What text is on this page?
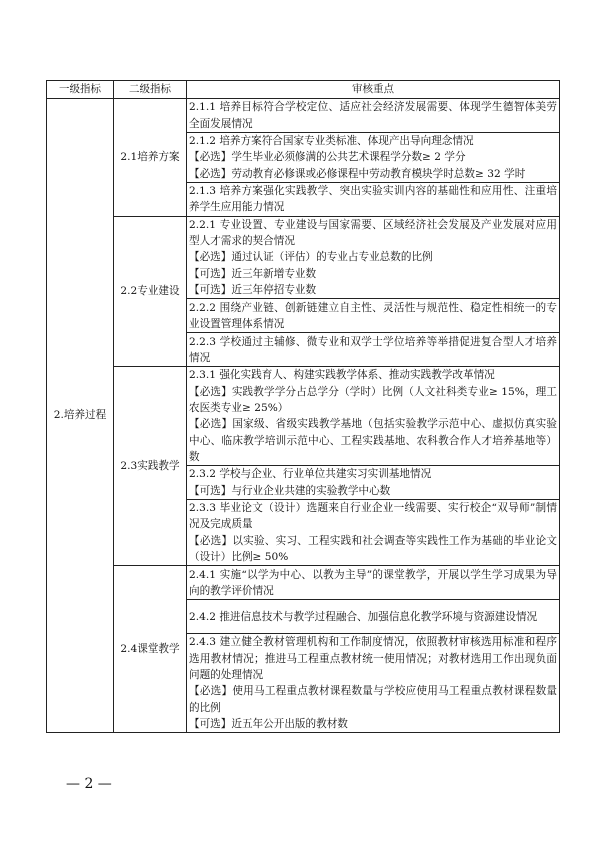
一级指标	二级指标	审核重点
2.培养过程	2.1培养方案	2.1.1 培养目标符合学校定位、适应社会经济发展需要、体现学生德智体美劳全面发展情况

		2.1.2 培养方案符合国家专业类标准、体现产出导向理念情况
【必选】学生毕业必须修满的公共艺术课程学分数≥ 2 学分
【必选】劳动教育必修课或必修课程中劳动教育模块学时总数≥ 32 学时

		2.1.3 培养方案强化实践教学、突出实验实训内容的基础性和应用性、注重培养学生应用能力情况

	2.2专业建设	2.2.1 专业设置、专业建设与国家需要、区域经济社会发展及产业发展对应用型人才需求的契合情况
【必选】通过认证（评估）的专业占专业总数的比例
【可选】近三年新增专业数
【可选】近三年停招专业数

		2.2.2 围绕产业链、创新链建立自主性、灵活性与规范性、稳定性相统一的专业设置管理体系情况

		2.2.3 学校通过主辅修、微专业和双学士学位培养等举措促进复合型人才培养情况

	2.3实践教学	2.3.1 强化实践育人、构建实践教学体系、推动实践教学改革情况
【必选】实践教学学分占总学分（学时）比例（人文社科类专业≥ 15%，理工农医类专业≥ 25%）
【必选】国家级、省级实践教学基地（包括实验教学示范中心、虚拟仿真实验中心、临床教学培训示范中心、工程实践基地、农科教合作人才培养基地等）数

		2.3.2 学校与企业、行业单位共建实习实训基地情况
【可选】与行业企业共建的实验教学中心数

		2.3.3 毕业论文（设计）选题来自行业企业一线需要、实行校企“双导师”制情况及完成质量
【必选】以实验、实习、工程实践和社会调查等实践性工作为基础的毕业论文（设计）比例≥ 50%

	2.4课堂教学	2.4.1 实施“以学为中心、以教为主导”的课堂教学，开展以学生学习成果为导向的教学评价情况

		2.4.2 推进信息技术与教学过程融合、加强信息化教学环境与资源建设情况

		2.4.3 建立健全教材管理机构和工作制度情况，依照教材审核选用标准和程序选用教材情况；推进马工程重点教材统一使用情况；对教材选用工作出现负面问题的处理情况
【必选】使用马工程重点教材课程数量与学校应使用马工程重点教材课程数量的比例
【可选】近五年公开出版的教材数
— 2 —
